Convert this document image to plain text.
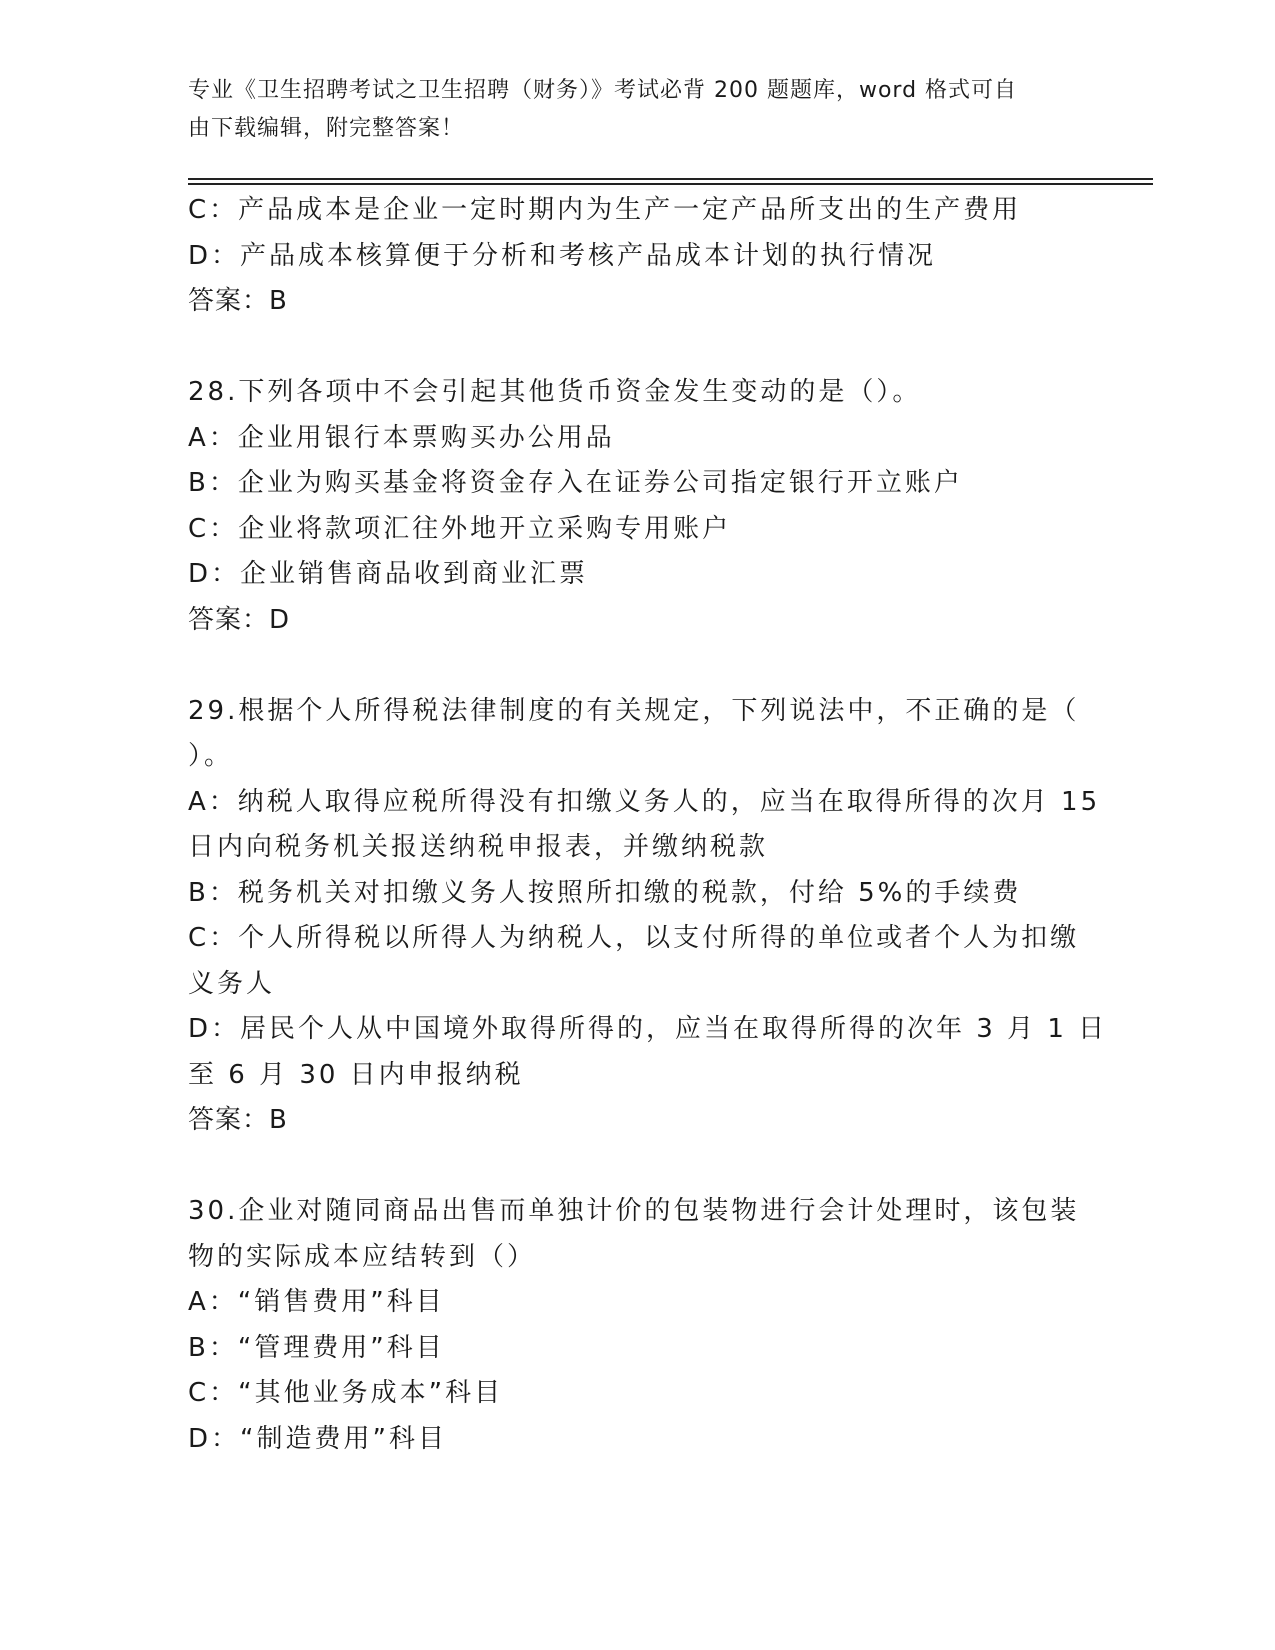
专业《卫生招聘考试之卫生招聘（财务）》考试必背 200 题题库，word 格式可自
由下载编辑，附完整答案！
C：产品成本是企业一定时期内为生产一定产品所支出的生产费用
D：产品成本核算便于分析和考核产品成本计划的执行情况
答案：B
28.下列各项中不会引起其他货币资金发生变动的是（）。
A：企业用银行本票购买办公用品
B：企业为购买基金将资金存入在证券公司指定银行开立账户
C：企业将款项汇往外地开立采购专用账户
D：企业销售商品收到商业汇票
答案：D
29.根据个人所得税法律制度的有关规定，下列说法中，不正确的是（
）。
A：纳税人取得应税所得没有扣缴义务人的，应当在取得所得的次月 15
日内向税务机关报送纳税申报表，并缴纳税款
B：税务机关对扣缴义务人按照所扣缴的税款，付给 5%的手续费
C：个人所得税以所得人为纳税人，以支付所得的单位或者个人为扣缴
义务人
D：居民个人从中国境外取得所得的，应当在取得所得的次年 3 月 1 日
至 6 月 30 日内申报纳税
答案：B
30.企业对随同商品出售而单独计价的包装物进行会计处理时，该包装
物的实际成本应结转到（）
A：“销售费用”科目
B：“管理费用”科目
C：“其他业务成本”科目
D：“制造费用”科目
